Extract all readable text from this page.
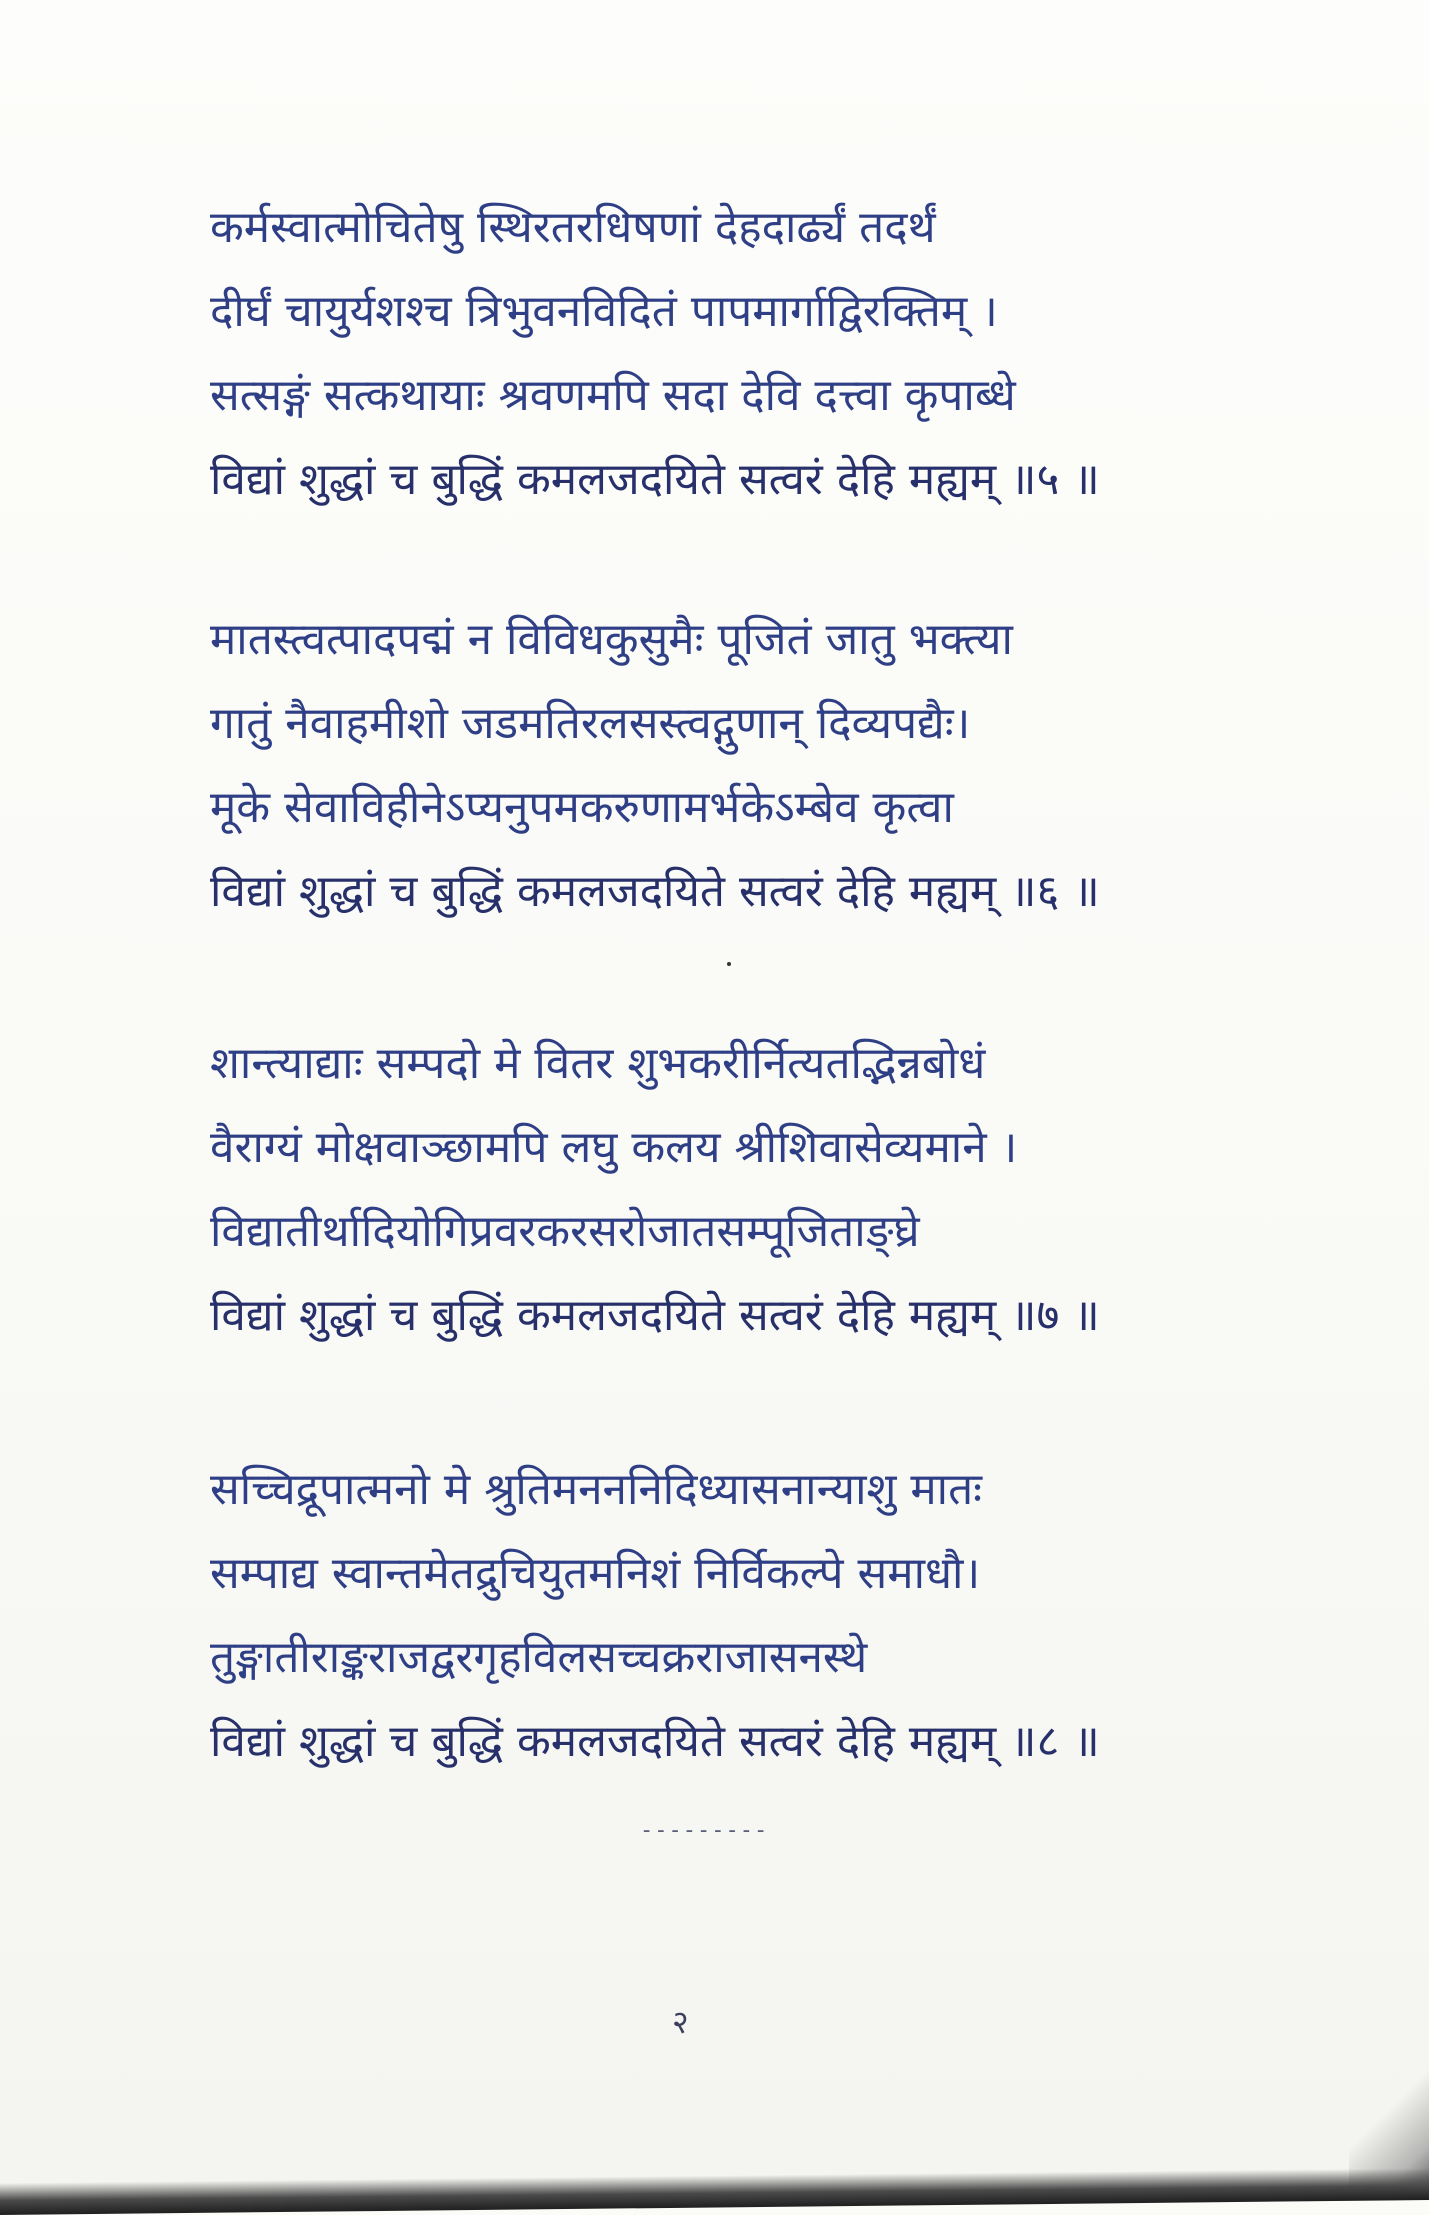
कर्मस्वात्मोचितेषु स्थिरतरधिषणां देहदार्ढ्यं तदर्थं
दीर्घं चायुर्यशश्च त्रिभुवनविदितं पापमार्गाद्विरक्तिम् ।
सत्सङ्गं सत्कथायाः श्रवणमपि सदा देवि दत्त्वा कृपाब्धे
विद्यां शुद्धां च बुद्धिं कमलजदयिते सत्वरं देहि मह्यम् ॥५ ॥
मातस्त्वत्पादपद्मं न विविधकुसुमैः पूजितं जातु भक्त्या
गातुं नैवाहमीशो जडमतिरलसस्त्वद्गुणान् दिव्यपद्यैः।
मूके सेवाविहीनेऽप्यनुपमकरुणामर्भकेऽम्बेव कृत्वा
विद्यां शुद्धां च बुद्धिं कमलजदयिते सत्वरं देहि मह्यम् ॥६ ॥
शान्त्याद्याः सम्पदो मे वितर शुभकरीर्नित्यतद्भिन्नबोधं
वैराग्यं मोक्षवाञ्छामपि लघु कलय श्रीशिवासेव्यमाने ।
विद्यातीर्थादियोगिप्रवरकरसरोजातसम्पूजिताङ्घ्रे
विद्यां शुद्धां च बुद्धिं कमलजदयिते सत्वरं देहि मह्यम् ॥७ ॥
सच्चिद्रूपात्मनो मे श्रुतिमनननिदिध्यासनान्याशु मातः
सम्पाद्य स्वान्तमेतद्रुचियुतमनिशं निर्विकल्पे समाधौ।
तुङ्गातीराङ्कराजद्वरगृहविलसच्चक्रराजासनस्थे
विद्यां शुद्धां च बुद्धिं कमलजदयिते सत्वरं देहि मह्यम् ॥८ ॥
---------
२
